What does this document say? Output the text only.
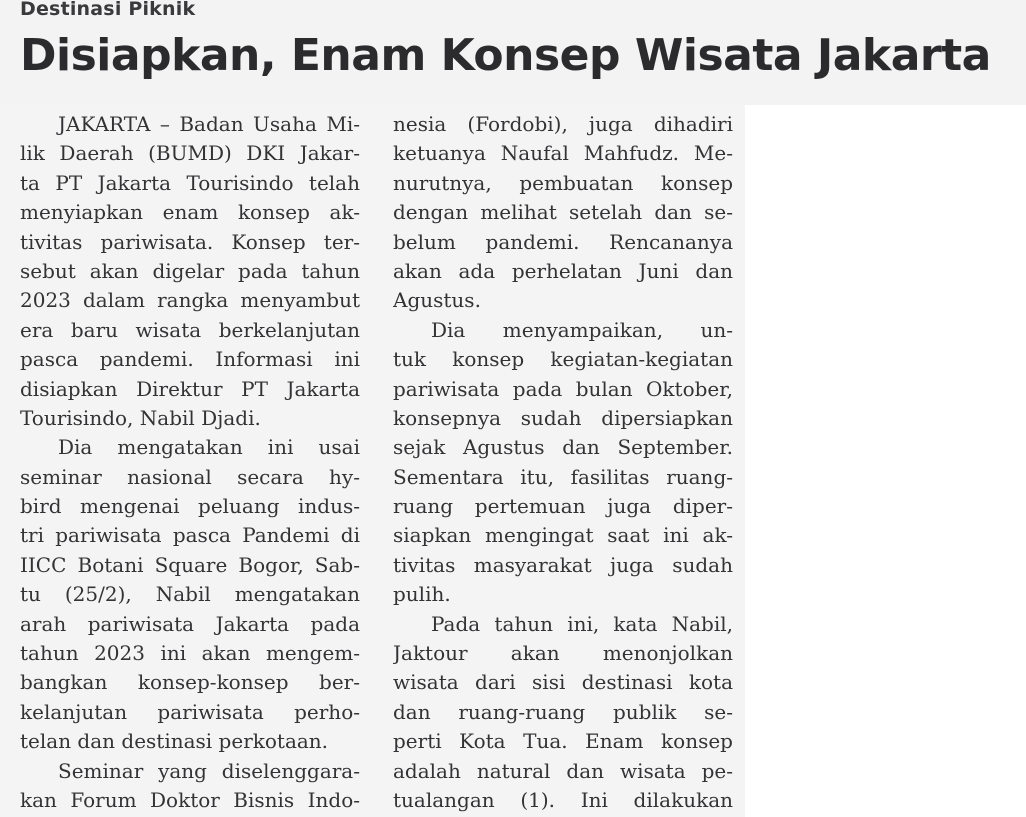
Destinasi Piknik
Disiapkan, Enam Konsep Wisata Jakarta
JAKARTA – Badan Usaha Mi-
lik Daerah (BUMD) DKI Jakar-
ta PT Jakarta Tourisindo telah
menyiapkan enam konsep ak-
tivitas pariwisata. Konsep ter-
sebut akan digelar pada tahun
2023 dalam rangka menyambut
era baru wisata berkelanjutan
pasca pandemi. Informasi ini
disiapkan Direktur PT Jakarta
Tourisindo, Nabil Djadi.
Dia mengatakan ini usai
seminar nasional secara hy-
bird mengenai peluang indus-
tri pariwisata pasca Pandemi di
IICC Botani Square Bogor, Sab-
tu (25/2), Nabil mengatakan
arah pariwisata Jakarta pada
tahun 2023 ini akan mengem-
bangkan konsep-konsep ber-
kelanjutan pariwisata perho-
telan dan destinasi perkotaan.
Seminar yang diselenggara-
kan Forum Doktor Bisnis Indo-
nesia (Fordobi), juga dihadiri
ketuanya Naufal Mahfudz. Me-
nurutnya, pembuatan konsep
dengan melihat setelah dan se-
belum pandemi. Rencananya
akan ada perhelatan Juni dan
Agustus.
Dia menyampaikan, un-
tuk konsep kegiatan-kegiatan
pariwisata pada bulan Oktober,
konsepnya sudah dipersiapkan
sejak Agustus dan September.
Sementara itu, fasilitas ruang-
ruang pertemuan juga diper-
siapkan mengingat saat ini ak-
tivitas masyarakat juga sudah
pulih.
Pada tahun ini, kata Nabil,
Jaktour akan menonjolkan
wisata dari sisi destinasi kota
dan ruang-ruang publik se-
perti Kota Tua. Enam konsep
adalah natural dan wisata pe-
tualangan (1). Ini dilakukan
